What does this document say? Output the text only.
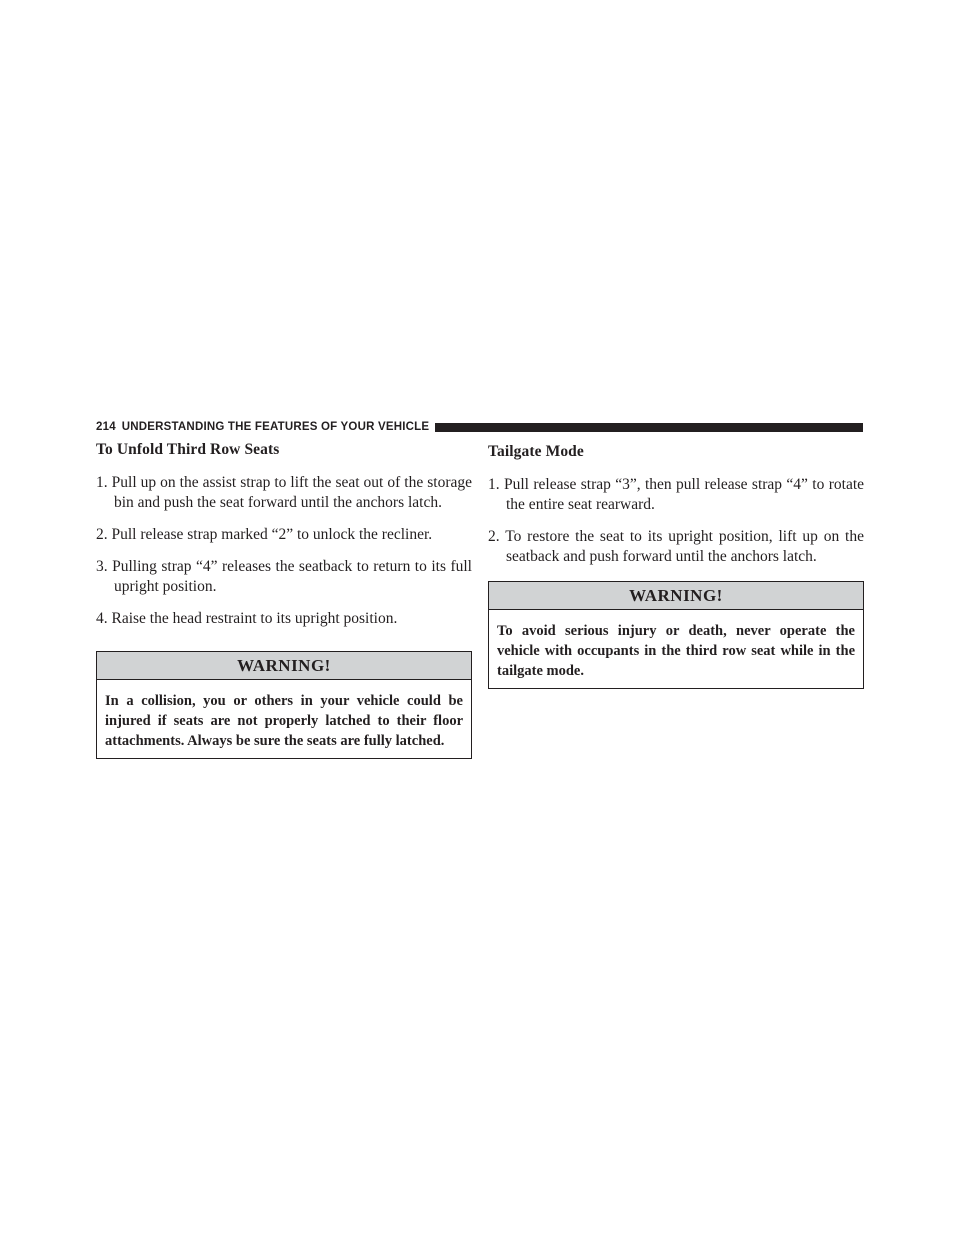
214 UNDERSTANDING THE FEATURES OF YOUR VEHICLE
To Unfold Third Row Seats
1. Pull up on the assist strap to lift the seat out of the storage bin and push the seat forward until the anchors latch.
2. Pull release strap marked “2” to unlock the recliner.
3. Pulling strap “4” releases the seatback to return to its full upright position.
4. Raise the head restraint to its upright position.
WARNING!
In a collision, you or others in your vehicle could be injured if seats are not properly latched to their floor attachments. Always be sure the seats are fully latched.
Tailgate Mode
1. Pull release strap “3”, then pull release strap “4” to rotate the entire seat rearward.
2. To restore the seat to its upright position, lift up on the seatback and push forward until the anchors latch.
WARNING!
To avoid serious injury or death, never operate the vehicle with occupants in the third row seat while in the tailgate mode.
